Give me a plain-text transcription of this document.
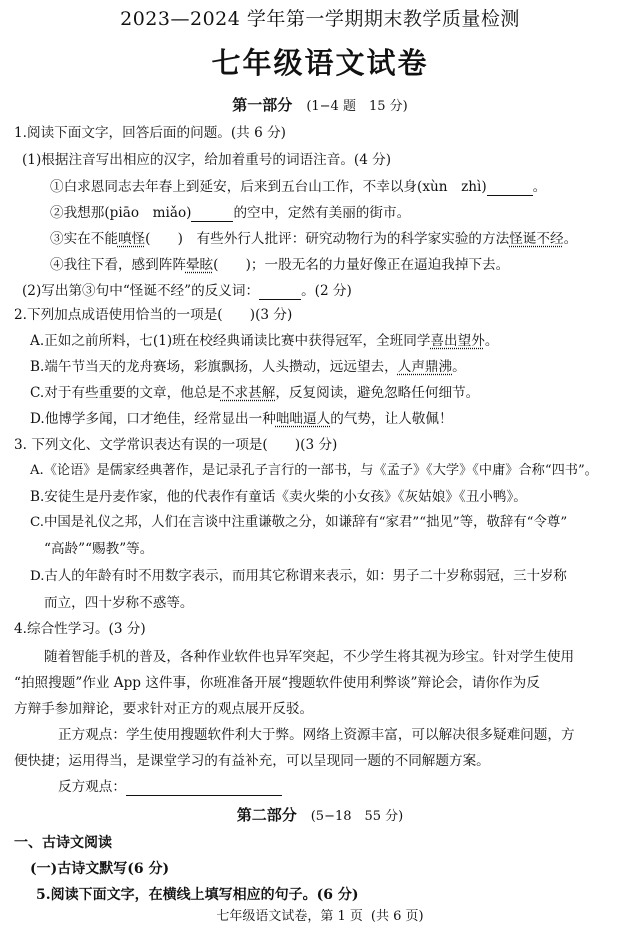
2023—2024 学年第一学期期末教学质量检测
七年级语文试卷
第一部分 (1−4 题　15 分)
1.阅读下面文字，回答后面的问题。(共 6 分)
(1)根据注音写出相应的汉字，给加着重号的词语注音。(4 分)
①白求恩同志去年春上到延安，后来到五台山工作，不幸以身(xùn　zhì)	。
②我想那(piāo　miǎo)	的空中，定然有美丽的街市。
③实在不能嗔怪(　　)　有些外行人批评：研究动物行为的科学家实验的方法怪诞不经。
④我往下看，感到阵阵晕眩(　　)；一股无名的力量好像正在逼迫我掉下去。
(2)写出第③句中“怪诞不经”的反义词：	。(2 分)
2.下列加点成语使用恰当的一项是(　　)(3 分)
A.正如之前所料，七(1)班在校经典诵读比赛中获得冠军，全班同学喜出望外。
B.端午节当天的龙舟赛场，彩旗飘扬，人头攒动，远远望去，人声鼎沸。
C.对于有些重要的文章，他总是不求甚解，反复阅读，避免忽略任何细节。
D.他博学多闻，口才绝佳，经常显出一种咄咄逼人的气势，让人敬佩！
3. 下列文化、文学常识表达有误的一项是(　　)(3 分)
A.《论语》是儒家经典著作，是记录孔子言行的一部书，与《孟子》《大学》《中庸》合称“四书”。
B.安徒生是丹麦作家，他的代表作有童话《卖火柴的小女孩》《灰姑娘》《丑小鸭》。
C.中国是礼仪之邦，人们在言谈中注重谦敬之分，如谦辞有“家君”“拙见”等，敬辞有“令尊”
“高龄”“赐教”等。
D.古人的年龄有时不用数字表示，而用其它称谓来表示，如：男子二十岁称弱冠，三十岁称
而立，四十岁称不惑等。
4.综合性学习。(3 分)
随着智能手机的普及，各种作业软件也异军突起，不少学生将其视为珍宝。针对学生使用
“拍照搜题”作业 App 这件事，你班准备开展“搜题软件使用利弊谈”辩论会，请你作为反
方辩手参加辩论，要求针对正方的观点展开反驳。
正方观点：学生使用搜题软件利大于弊。网络上资源丰富，可以解决很多疑难问题，方
便快捷；运用得当，是课堂学习的有益补充，可以呈现同一题的不同解题方案。
反方观点：
第二部分 (5−18　55 分)
一、古诗文阅读
(一)古诗文默写(6 分)
5.阅读下面文字，在横线上填写相应的句子。(6 分)
七年级语文试卷，第 1 页 (共 6 页)
